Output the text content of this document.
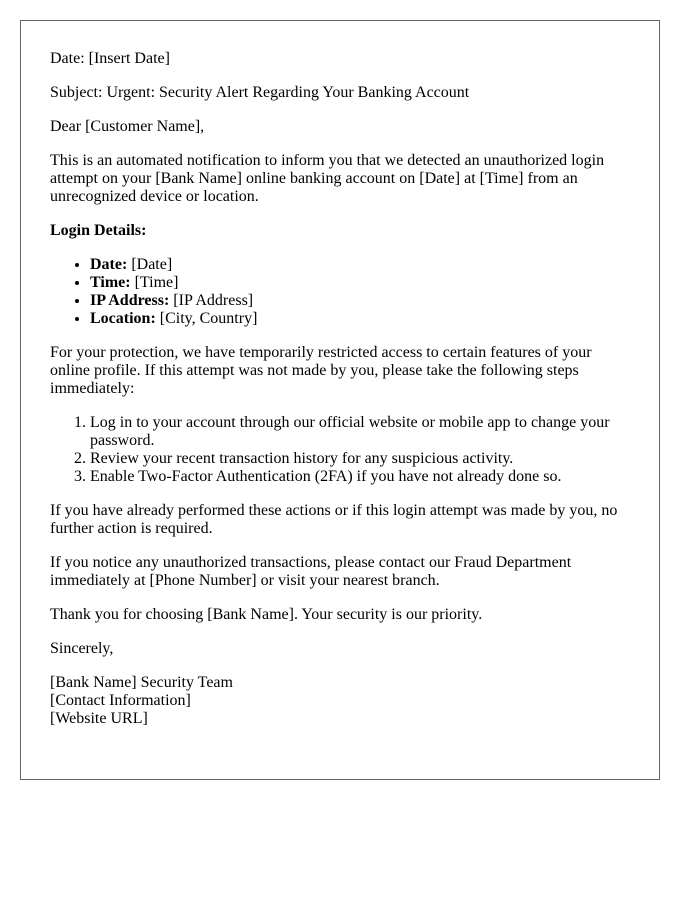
Date: [Insert Date]

Subject: Urgent: Security Alert Regarding Your Banking Account

Dear [Customer Name],

This is an automated notification to inform you that we detected an unauthorized login attempt on your [Bank Name] online banking account on [Date] at [Time] from an unrecognized device or location.

Login Details:

• Date: [Date]
• Time: [Time]
• IP Address: [IP Address]
• Location: [City, Country]

For your protection, we have temporarily restricted access to certain features of your online profile. If this attempt was not made by you, please take the following steps immediately:

1. Log in to your account through our official website or mobile app to change your password.
2. Review your recent transaction history for any suspicious activity.
3. Enable Two-Factor Authentication (2FA) if you have not already done so.

If you have already performed these actions or if this login attempt was made by you, no further action is required.

If you notice any unauthorized transactions, please contact our Fraud Department immediately at [Phone Number] or visit your nearest branch.

Thank you for choosing [Bank Name]. Your security is our priority.

Sincerely,

[Bank Name] Security Team
[Contact Information]
[Website URL]
